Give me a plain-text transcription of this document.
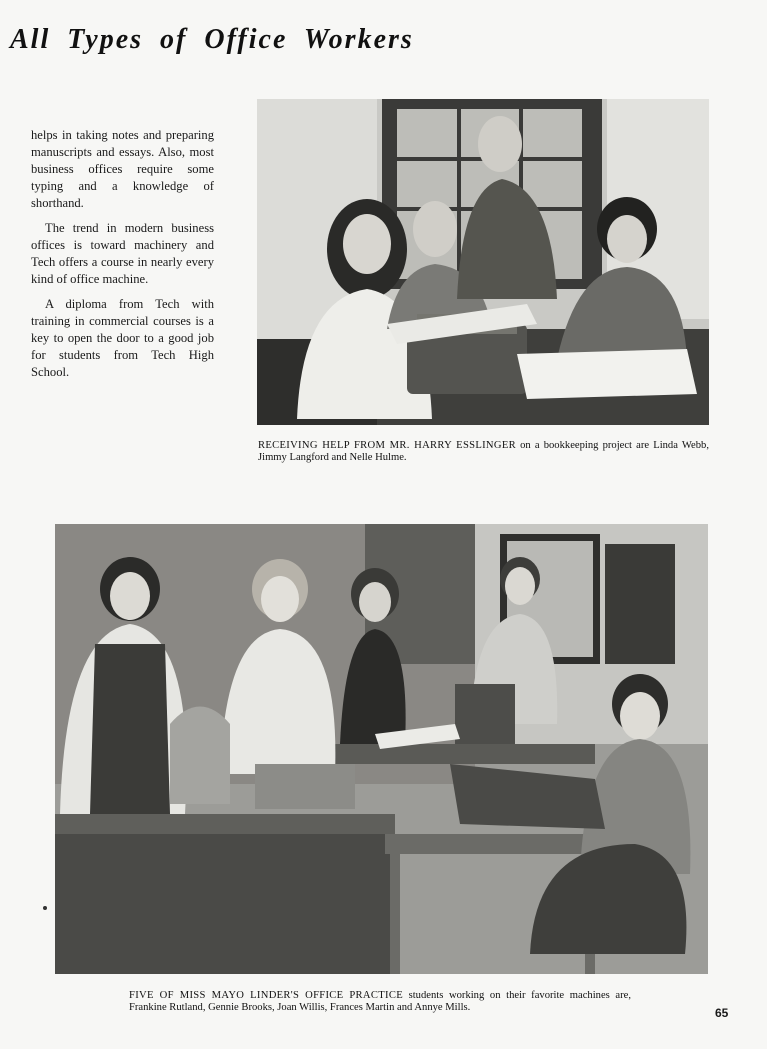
All Types of Office Workers

helps in taking notes and preparing manuscripts and essays. Also, most business offices require some typing and a knowledge of shorthand.

The trend in modern business offices is toward machinery and Tech offers a course in nearly every kind of office machine.

A diploma from Tech with training in commercial courses is a key to open the door to a good job for students from Tech High School.

RECEIVING HELP FROM MR. HARRY ESSLINGER on a bookkeeping project are Linda Webb, Jimmy Langford and Nelle Hulme.
FIVE OF MISS MAYO LINDER'S OFFICE PRACTICE students working on their favorite machines are, Frankine Rutland, Gennie Brooks, Joan Willis, Frances Martin and Annye Mills.	65
